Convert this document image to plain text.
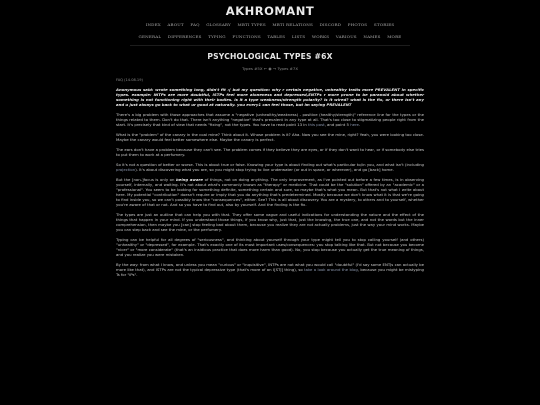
AKHROMANT
INDEX ABOUT FAQ GLOSSARY MBTI TYPES MBTI RELATIONS DISCORD PHOTOS STORIES
GENERAL DIFFERENCES TYPING FUNCTIONS TABLES LISTS WORKS VARIOUS NAMES MORE
PSYCHOLOGICAL TYPES #6X
Types #5X ← ◉ → Types #7X

FAQ (14.08.19)

Anonymous said: wrote something long, didn't fit :( but my question: why r certain negative, unhealthy traits more PREVALENT in specific types. example: INTPs are more doubtful, ISTPs feel more aloneness and depressed,ENTPs r more prone to be paranoid about whether something is not functioning right with their bodies. is it a type weakness/strength polarity? is it wired? what is the fix, or there isn't any and u just always go back to what ur good at naturally. you every1 can feel those, but im saying PREVALENT

There's a big problem with those approaches that assume a "negative (unhealthy/weakness) - positive (healthy/strength)" reference line for the types or the things related to them. Don't do that. There isn't anything "negative" that's prevalent in any type at all. That's too close to stigmatizing people right from the start. It's precisely that kind of view that needs "fixing", not the types. You have to read point 13 in this post, and point 5 here.

What is the "problem" of the canary in the coal mine? Think about it. Whose problem is it? Aha. Now you see the mine, right? Yeah, you were looking too close. Maybe the canary would feel better somewhere else. Maybe the canary is perfect.

The ears don't have a problem because they can't see. The problem comes if they believe they are eyes, or if they don't want to hear, or if somebody else tries to put them to work at a perfumery.

So it's not a question of better or worse. This is about true or false. Knowing your type is about finding out what's particular to/in you, and what isn't (including projection). It's about discovering what you are, so you might stop trying to live underwater (or out in space, or wherever), and go [back] home.

But the [non-]focus is only on being aware of things, not on doing anything. The only improvement, as I've pointed out before a few times, is in observing yourself, internally, and waiting. It's not about what's commonly known as "therapy" or medicine. That could be the "solution" offered by an "academic" or a "professional". You seem to be looking for something definite, something certain and sure, so maybe that's what you mean. But that's not what I write about here. My potential "contribution" doesn't require or imply that you do anything that's predetermined. Mostly because we don't know what it is that we're going to find inside you, so we can't possibly know the "consequences", either. See? This is all about discovery. You are a mystery, to others and to yourself, whether you're aware of that or not. And so you have to find out, also by yourself. And the finding is the fix.

The types are just an outline that can help you with that. They offer some vague and useful indications for understanding the nature and the effect of the things that happen in your mind. If you understand those things, if you know why, just that, just the knowing, the true one, and not the words but the inner comprehension, then maybe you [can] stop feeling bad about them, because you realize they are not actually problems, just the way your mind works. Maybe you can step back and see the mine, or the perfumery.

Typing can be helpful for all degrees of "seriousness", and thinking about yourself through your type might tell you to stop calling yourself (and others) "unhealthy" or "depressed", for example. That's exactly one of its most important uses/consequences: you stop talking like that. But not because you become "nicer" or "more considerate" (that's an insidious practice that does more harm than good). No, you stop because you actually get the true meaning of things, and you realize you were mistaken.

By the way: from what I know, and unless you mean "curious" or "inquisitive", INTPs are not what you would call "doubtful" (I'd say some ENTJs can actually be more like that), and ISTPs are not the typical depressive type (that's more of an I[STJ] thing), so take a look around the blog, because you might be mistyping Ts for "iPs".
